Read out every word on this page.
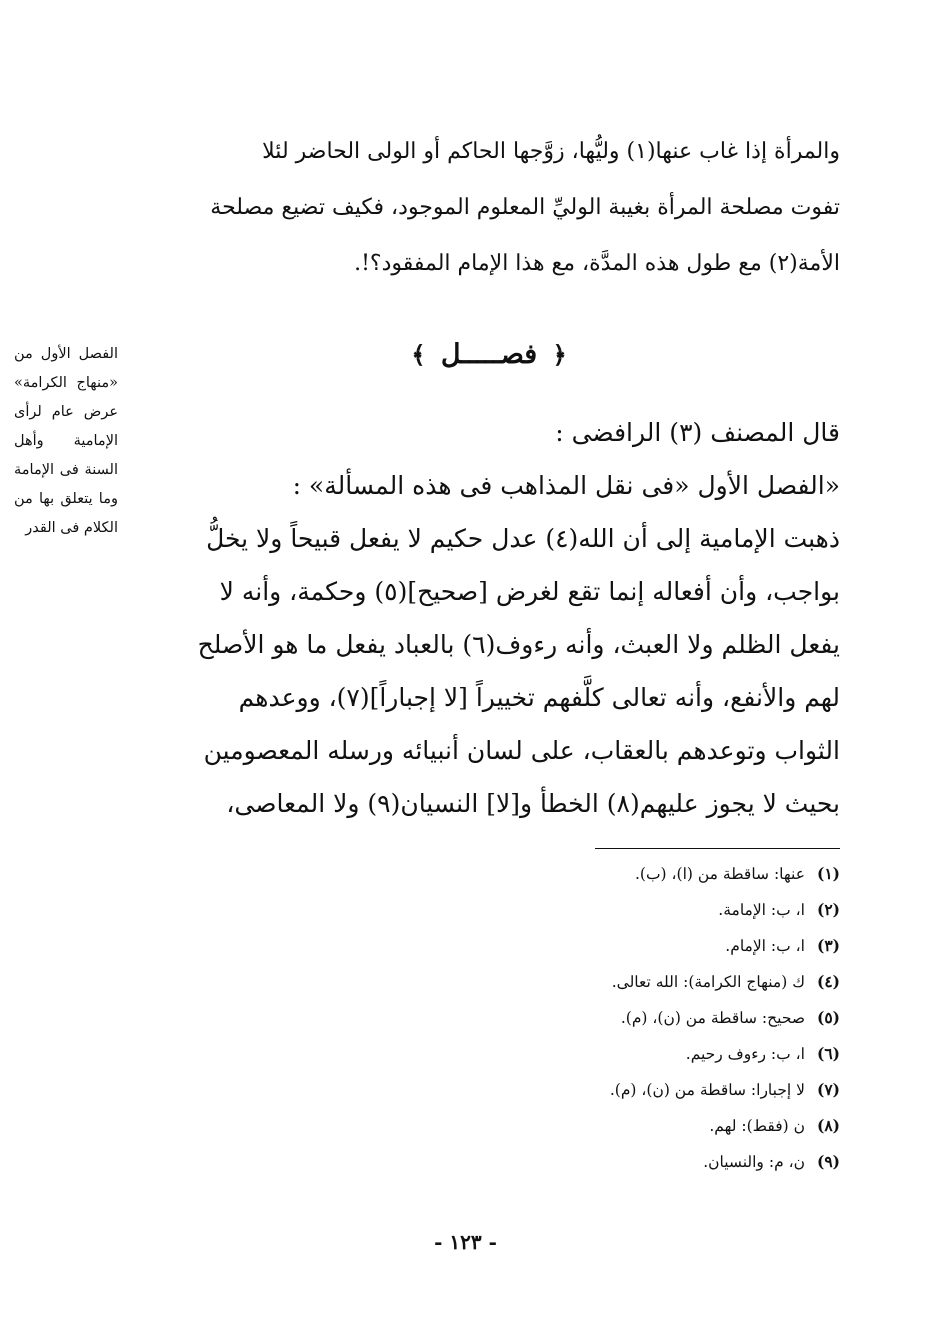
والمرأة إذا غاب عنها(١) وليُّها، زوَّجها الحاكم أو الولى الحاضر لئلا

تفوت مصلحة المرأة بغيبة الوليِّ المعلوم الموجود، فكيف تضيع مصلحة

الأمة(٢) مع طول هذه المدَّة، مع هذا الإمام المفقود؟!.

﴿ فصـــــل ﴾
الفصل الأول من «منهاج الكرامة» عرض عام لرأى الإمامية وأهل السنة فى الإمامة وما يتعلق بها من الكلام فى القدر

قال المصنف (٣) الرافضى :

«الفصل الأول «فى نقل المذاهب فى هذه المسألة» :

ذهبت الإمامية إلى أن الله(٤) عدل حكيم لا يفعل قبيحاً ولا يخلُّ

بواجب، وأن أفعاله إنما تقع لغرض [صحيح](٥) وحكمة، وأنه لا

يفعل الظلم ولا العبث، وأنه رءوف(٦) بالعباد يفعل ما هو الأصلح

لهم والأنفع، وأنه تعالى كلَّفهم تخييراً [لا إجباراً](٧)، ووعدهم

الثواب وتوعدهم بالعقاب، على لسان أنبيائه ورسله المعصومين

بحيث لا يجوز عليهم(٨) الخطأ و[لا] النسيان(٩) ولا المعاصى،

(١)عنها: ساقطة من (ا)، (ب).
(٢)ا، ب: الإمامة.
(٣)ا، ب: الإمام.
(٤)ك (منهاج الكرامة): الله تعالى.
(٥)صحيح: ساقطة من (ن)، (م).
(٦)ا، ب: رءوف رحيم.
(٧)لا إجبارا: ساقطة من (ن)، (م).
(٨)ن (فقط): لهم.
(٩)ن، م: والنسيان.
- ١٢٣ -
